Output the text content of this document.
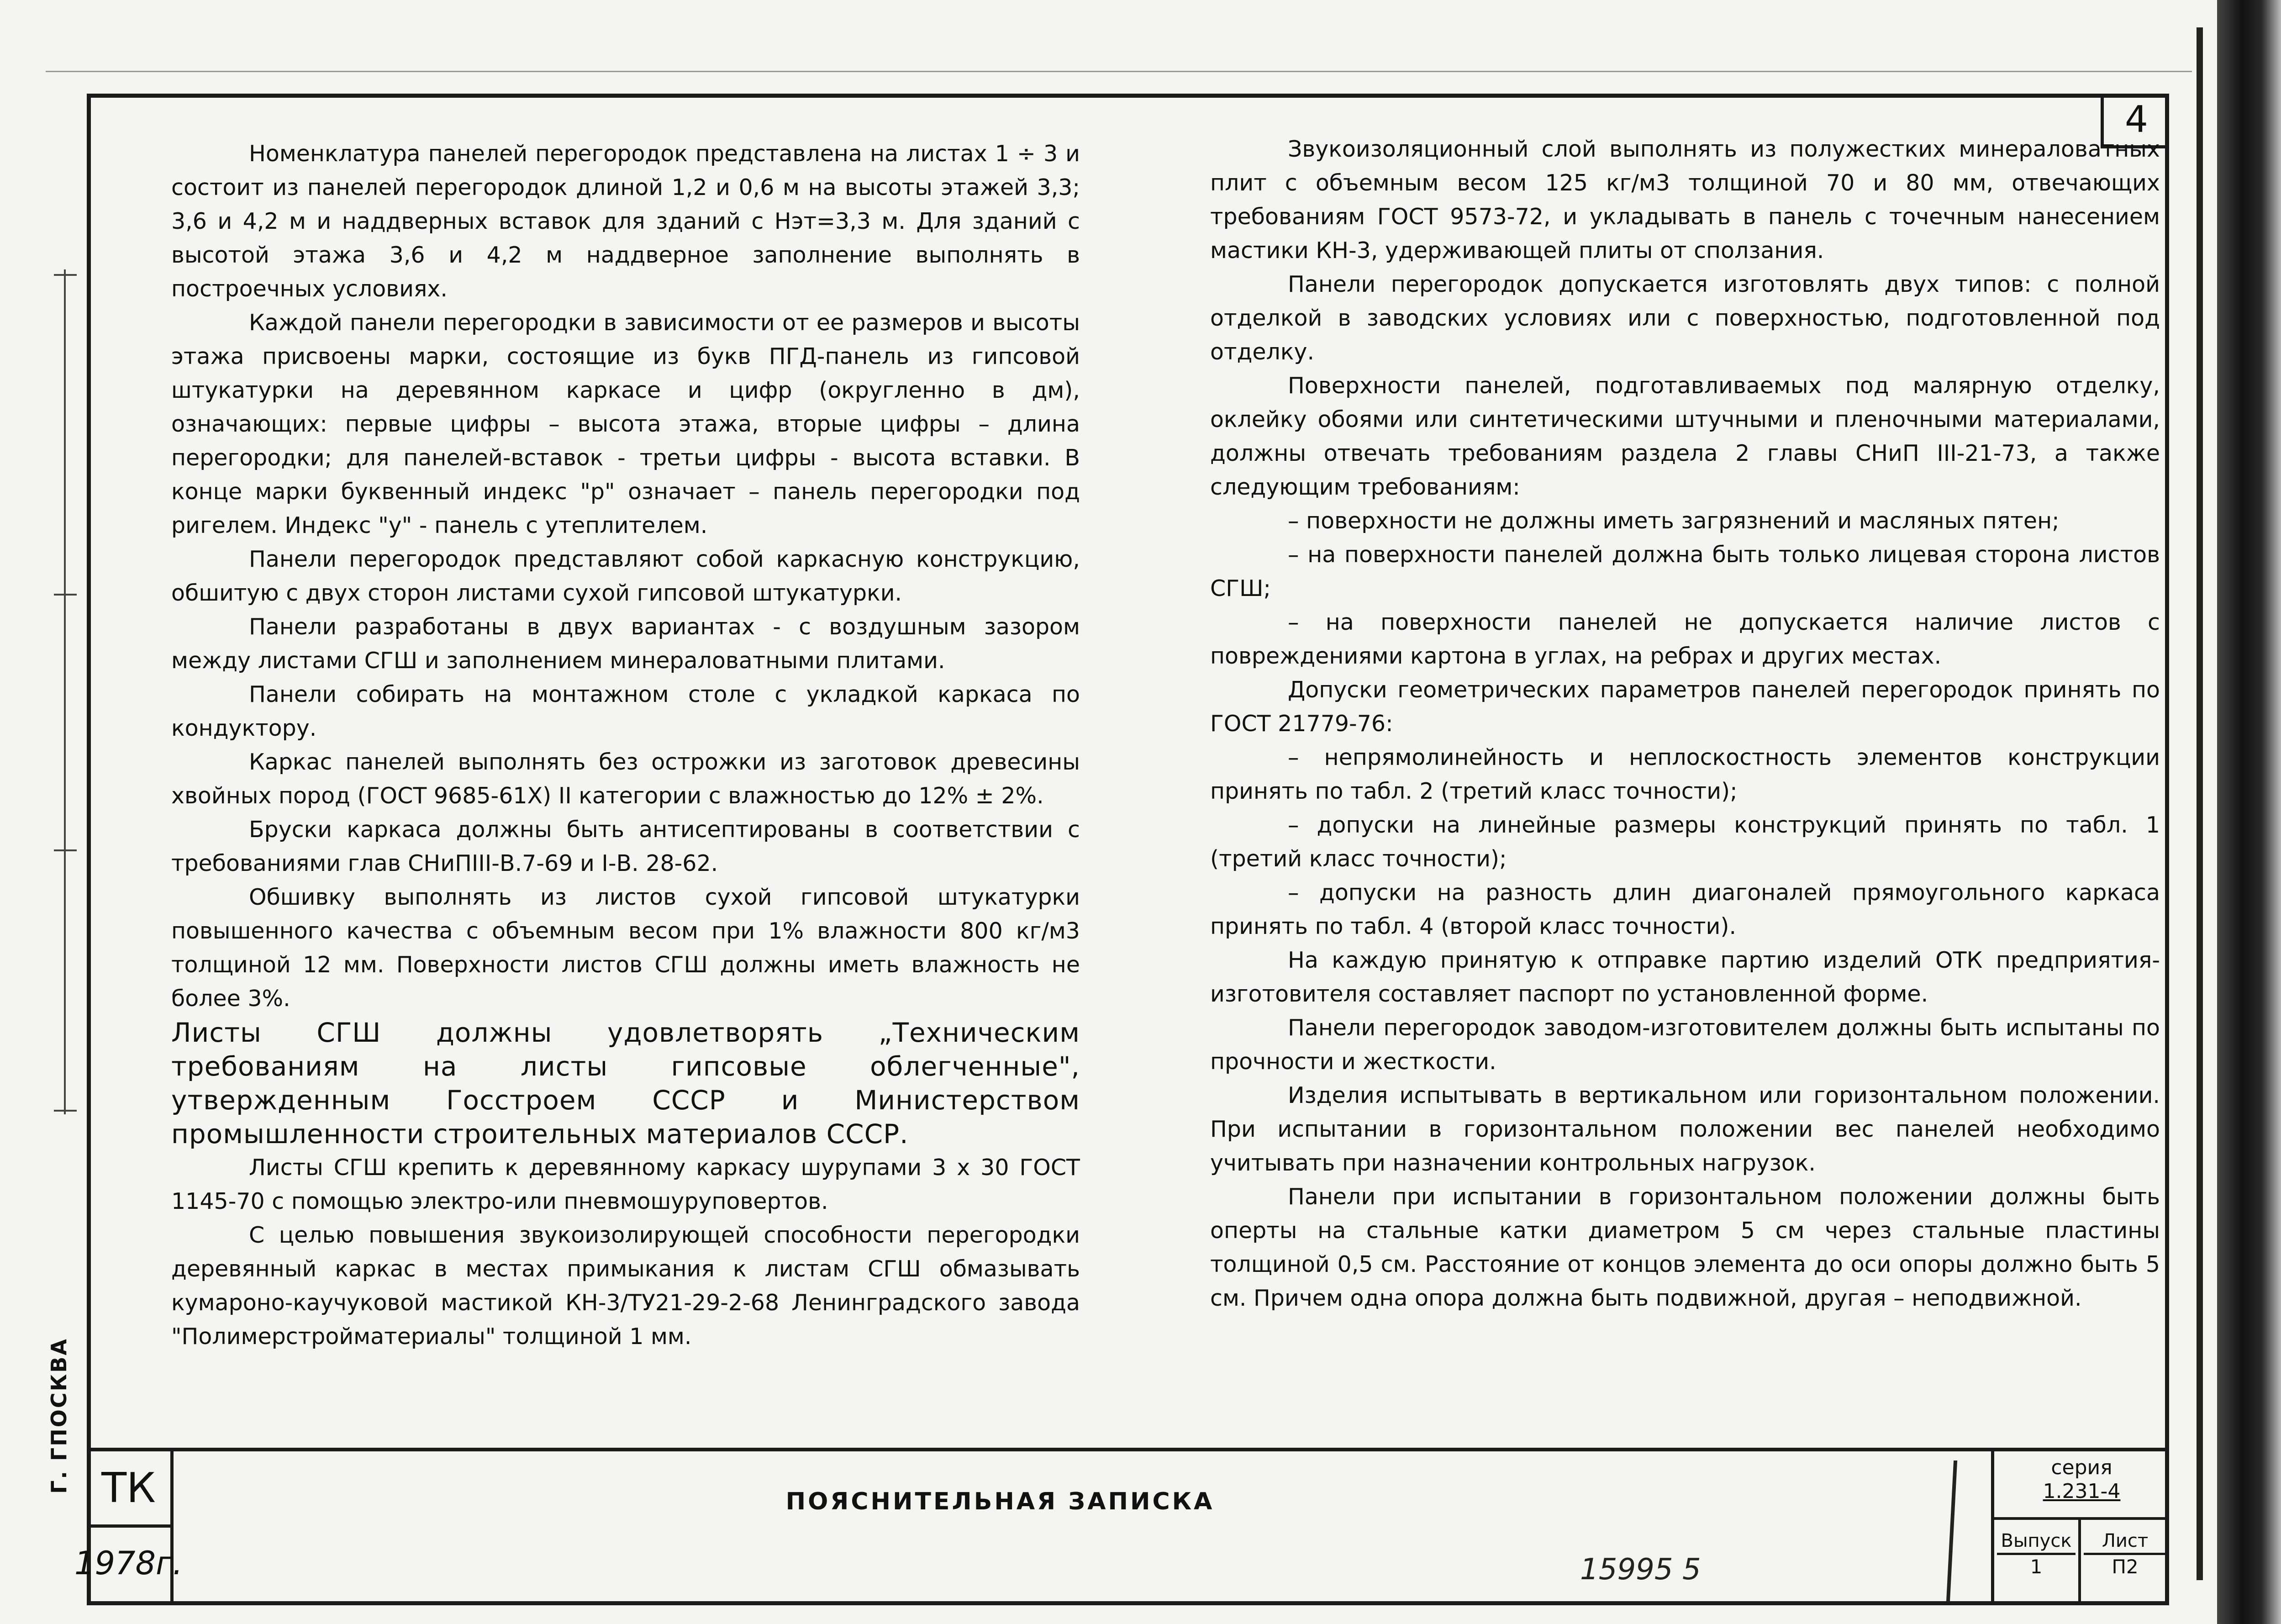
Г. ГПОСКВА
4

Номенклатура панелей перегородок представлена на листах 1 ÷ 3 и состоит из панелей перегородок длиной 1,2 и 0,6 м на высоты этажей 3,3; 3,6 и 4,2 м и наддверных вставок для зданий с Нэт=3,3 м. Для зданий с высотой этажа 3,6 и 4,2 м наддверное заполнение выполнять в построечных условиях.

Каждой панели перегородки в зависимости от ее размеров и высоты этажа присвоены марки, состоящие из букв ПГД-панель из гипсовой штукатурки на деревянном каркасе и цифр (округленно в дм), означающих: первые цифры – высота этажа, вторые цифры – длина перегородки; для панелей-вставок - третьи цифры - высота вставки. В конце марки буквенный индекс "р" означает – панель перегородки под ригелем. Индекс "у" - панель с утеплителем.

Панели перегородок представляют собой каркасную конструкцию, обшитую с двух сторон листами сухой гипсовой штукатурки.

Панели разработаны в двух вариантах - с воздушным зазором между листами СГШ и заполнением минераловатными плитами.

Панели собирать на монтажном столе с укладкой каркаса по кондуктору.

Каркас панелей выполнять без острожки из заготовок древесины хвойных пород (ГОСТ 9685-61X) II категории с влажностью до 12% ± 2%.

Бруски каркаса должны быть антисептированы в соответствии с требованиями глав СНиПIII-В.7-69 и I-В. 28-62.

Обшивку выполнять из листов сухой гипсовой штукатурки повышенного качества с объемным весом при 1% влажности 800 кг/м3 толщиной 12 мм. Поверхности листов СГШ должны иметь влажность не более 3%.

Листы СГШ должны удовлетворять „Техническим требованиям на листы гипсовые облегченные", утвержденным Госстроем СССР и Министерством промышленности строительных материалов СССР.

Листы СГШ крепить к деревянному каркасу шурупами 3 х 30 ГОСТ 1145-70 с помощью электро-или пневмошуруповертов.

С целью повышения звукоизолирующей способности перегородки деревянный каркас в местах примыкания к листам СГШ обмазывать кумароно-каучуковой мастикой КН-3/ТУ21-29-2-68 Ленинградского завода "Полимерстройматериалы" толщиной 1 мм.

Звукоизоляционный слой выполнять из полужестких минераловатных плит с объемным весом 125 кг/м3 толщиной 70 и 80 мм, отвечающих требованиям ГОСТ 9573-72, и укладывать в панель с точечным нанесением мастики КН-3, удерживающей плиты от сползания.

Панели перегородок допускается изготовлять двух типов: с полной отделкой в заводских условиях или с поверхностью, подготовленной под отделку.

Поверхности панелей, подготавливаемых под малярную отделку, оклейку обоями или синтетическими штучными и пленочными материалами, должны отвечать требованиям раздела 2 главы СНиП III-21-73, а также следующим требованиям:

– поверхности не должны иметь загрязнений и масляных пятен;

– на поверхности панелей должна быть только лицевая сторона листов СГШ;

– на поверхности панелей не допускается наличие листов с повреждениями картона в углах, на ребрах и других местах.

Допуски геометрических параметров панелей перегородок принять по ГОСТ 21779-76:

– непрямолинейность и неплоскостность элементов конструкции принять по табл. 2 (третий класс точности);

– допуски на линейные размеры конструкций принять по табл. 1 (третий класс точности);

– допуски на разность длин диагоналей прямоугольного каркаса принять по табл. 4 (второй класс точности).

На каждую принятую к отправке партию изделий ОТК предприятия-изготовителя составляет паспорт по установленной форме.

Панели перегородок заводом-изготовителем должны быть испытаны по прочности и жесткости.

Изделия испытывать в вертикальном или горизонтальном положении. При испытании в горизонтальном положении вес панелей необходимо учитывать при назначении контрольных нагрузок.

Панели при испытании в горизонтальном положении должны быть оперты на стальные катки диаметром 5 см через стальные пластины толщиной 0,5 см. Расстояние от концов элемента до оси опоры должно быть 5 см. Причем одна опора должна быть подвижной, другая – неподвижной.

ТК
1978г.
ПОЯСНИТЕЛЬНАЯ ЗАПИСКА
серия
1.231-4
Выпуск
1
Лист
П2
15995 5
